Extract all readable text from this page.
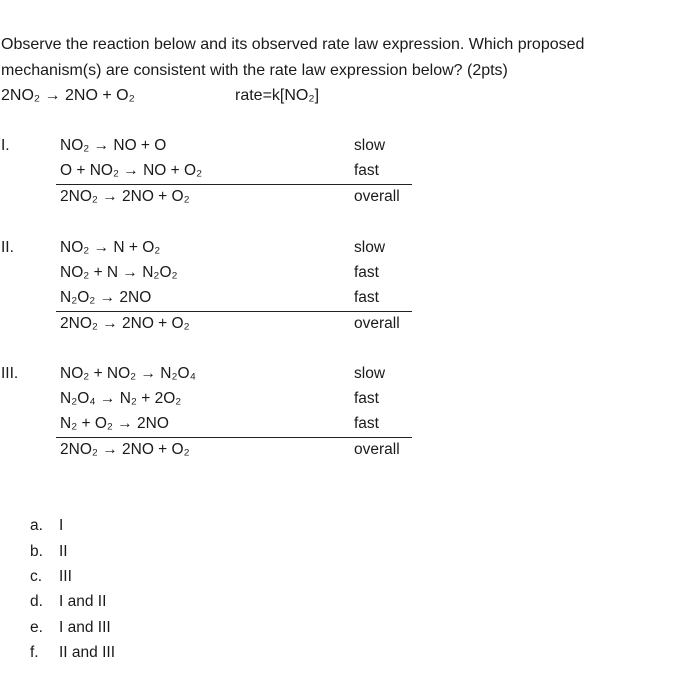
Observe the reaction below and its observed rate law expression. Which proposed
mechanism(s) are consistent with the rate law expression below? (2pts)
2NO₂ → 2NO + O₂	rate=k[NO₂]
I.	NO₂ → NO + O	slow
O + NO₂ → NO + O₂	fast
2NO₂ → 2NO + O₂	overall
II.	NO₂ → N + O₂	slow
NO₂ + N → N₂O₂	fast
N₂O₂ → 2NO	fast
2NO₂ → 2NO + O₂	overall
III.	NO₂ + NO₂ → N₂O₄	slow
N₂O₄ → N₂ + 2O₂	fast
N₂ + O₂ → 2NO	fast
2NO₂ → 2NO + O₂	overall
a. I
b. II
c. III
d. I and II
e. I and III
f. II and III
